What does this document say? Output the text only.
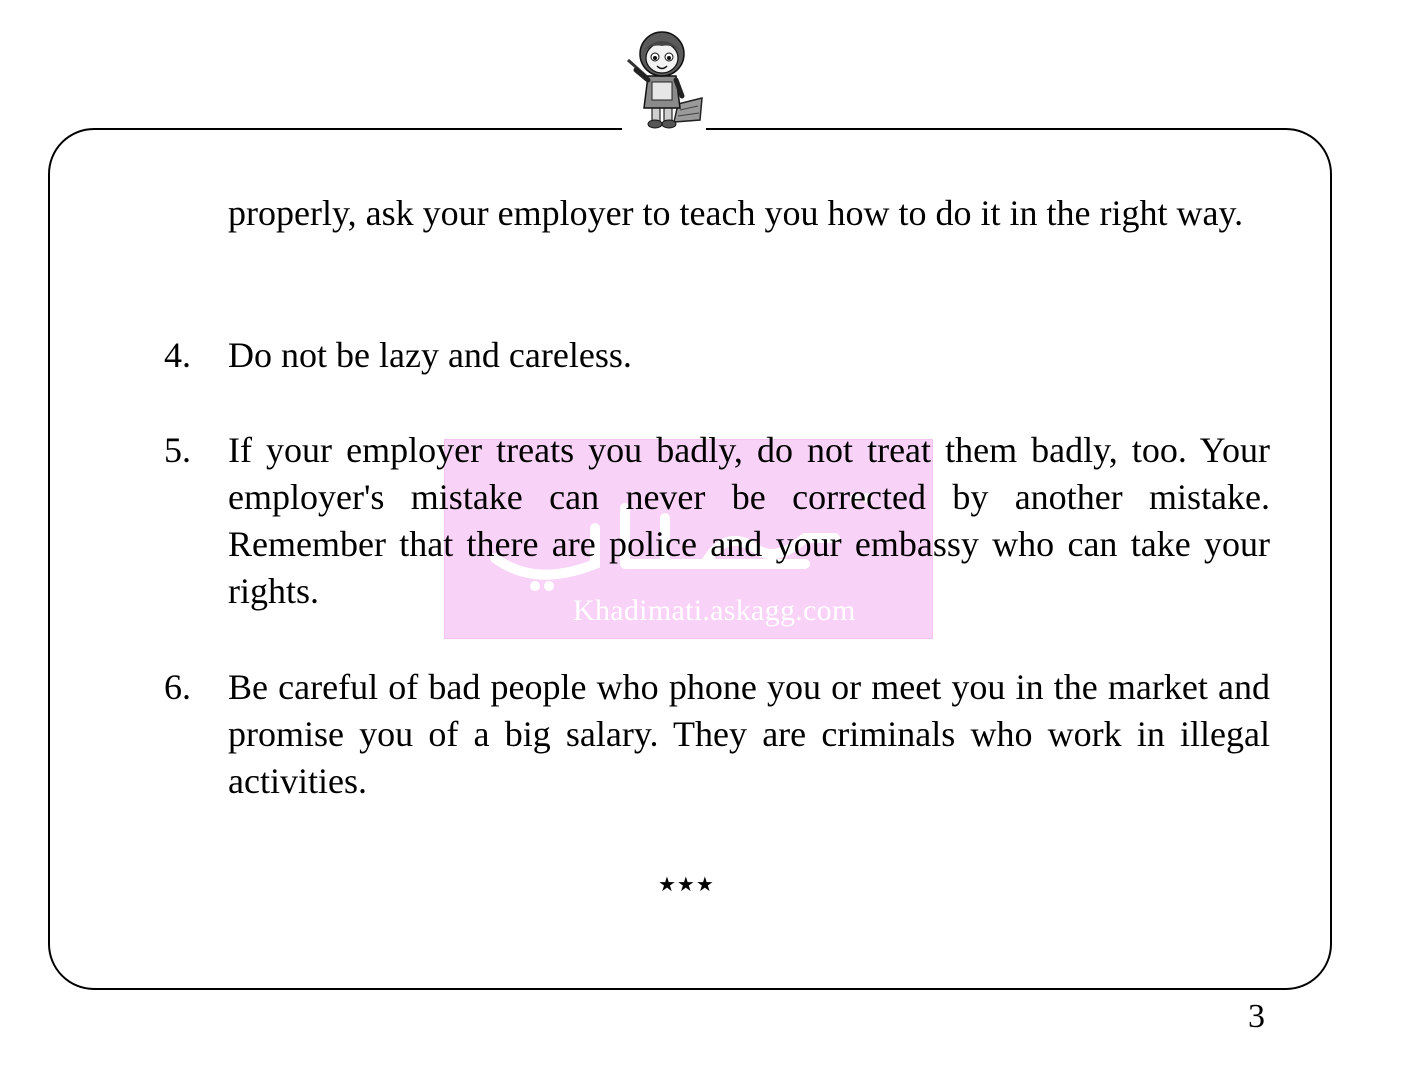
Khadimati.askagg.com

properly, ask your employer to teach you how to do it in the right way.

4. Do not be lazy and careless.

5. If your employer treats you badly, do not treat them badly, too. Your employer's mistake can never be corrected by another mistake. Remember that there are police and your embassy who can take your rights.

6. Be careful of bad people who phone you or meet you in the market and promise you of a big salary. They are criminals who work in illegal activities.

★★★
3
